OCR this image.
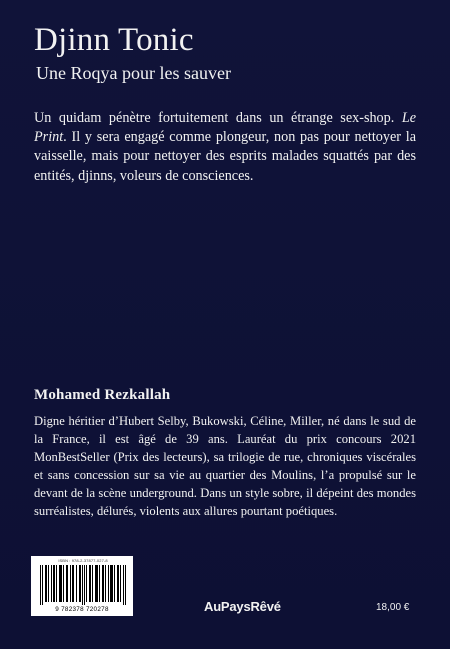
Djinn Tonic
Une Roqya pour les sauver

Un quidam pénètre fortuitement dans un étrange sex-shop. Le Print. Il y sera engagé comme plongeur, non pas pour nettoyer la vaisselle, mais pour nettoyer des esprits malades squattés par des entités, djinns, voleurs de consciences.

Mohamed Rezkallah

Digne héritier d’Hubert Selby, Bukowski, Céline, Miller, né dans le sud de la France, il est âgé de 39 ans. Lauréat du prix concours 2021 MonBestSeller (Prix des lecteurs), sa trilogie de rue, chroniques viscérales et sans concession sur sa vie au quartier des Moulins, l’a propulsé sur le devant de la scène underground. Dans un style sobre, il dépeint des mondes surréalistes, délurés, violents aux allures pourtant poétiques.

ISBN : 978-2-37877-027-8
9 782378 720278	AuPaysRêvé	18,00 €
